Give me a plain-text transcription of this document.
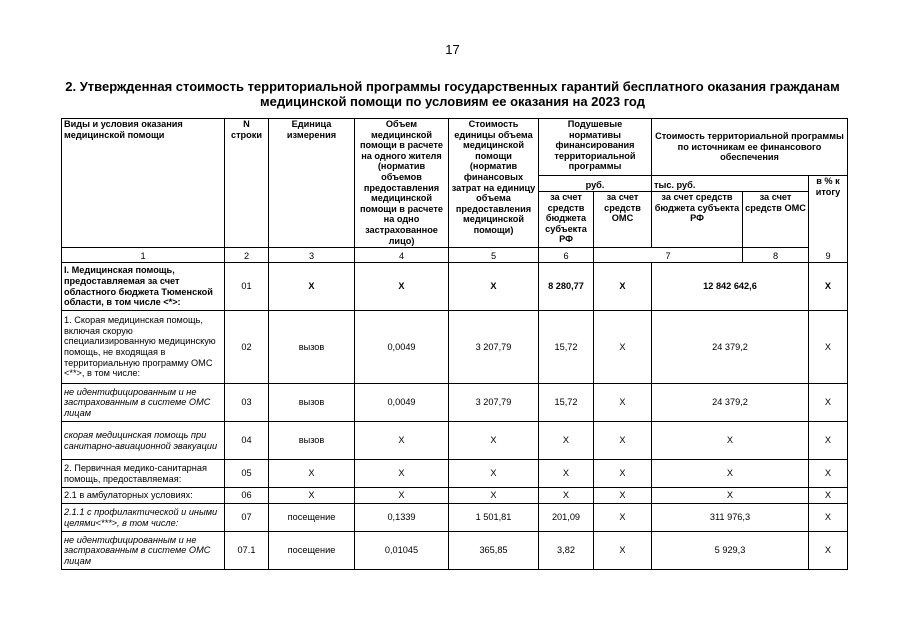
17
2. Утвержденная стоимость территориальной программы государственных гарантий бесплатного оказания гражданам
медицинской помощи по условиям ее оказания на 2023 год
Виды и условия оказания медицинской помощи	N строки	Единица измерения	Объем медицинской помощи в расчете на одного жителя (норматив объемов предоставления медицинской помощи в расчете на одно застрахованное лицо)	Стоимость единицы объема медицинской помощи (норматив финансовых затрат на единицу объема предоставления медицинской помощи)	Подушевые нормативы финансирования территориальной программы		Стоимость территориальной программы по источникам ее финансового обеспечения			
					руб.		тыс. руб.		в % к итогу	
					за счет средств бюджета субъекта РФ	за счет средств ОМС	за счет средств бюджета субъекта РФ	за счет средств ОМС		
1	2	3	4	5	6	7		8	9	
I. Медицинская помощь, предоставляемая за счет областного бюджета Тюменской области, в том числе <*>:	01	X	X	X	8 280,77	X	12 842 642,6		X	
1. Скорая медицинская помощь, включая скорую специализированную медицинскую помощь, не входящая в территориальную программу ОМС <**>, в том числе:	02	вызов	0,0049	3 207,79	15,72	X	24 379,2		X	
не идентифицированным и не застрахованным в системе ОМС лицам	03	вызов	0,0049	3 207,79	15,72	X	24 379,2		X	
скорая медицинская помощь при санитарно-авиационной эвакуации	04	вызов	X	X	X	X	X		X	
2. Первичная медико-санитарная помощь, предоставляемая:	05	X	X	X	X	X	X		X	
2.1 в амбулаторных условиях:	06	X	X	X	X	X	X		X	
2.1.1 с профилактической и иными целями<***>, в том числе:	07	посещение	0,1339	1 501,81	201,09	X	311 976,3		X	
не идентифицированным и не застрахованным в системе ОМС лицам	07.1	посещение	0,01045	365,85	3,82	X	5 929,3		X	
